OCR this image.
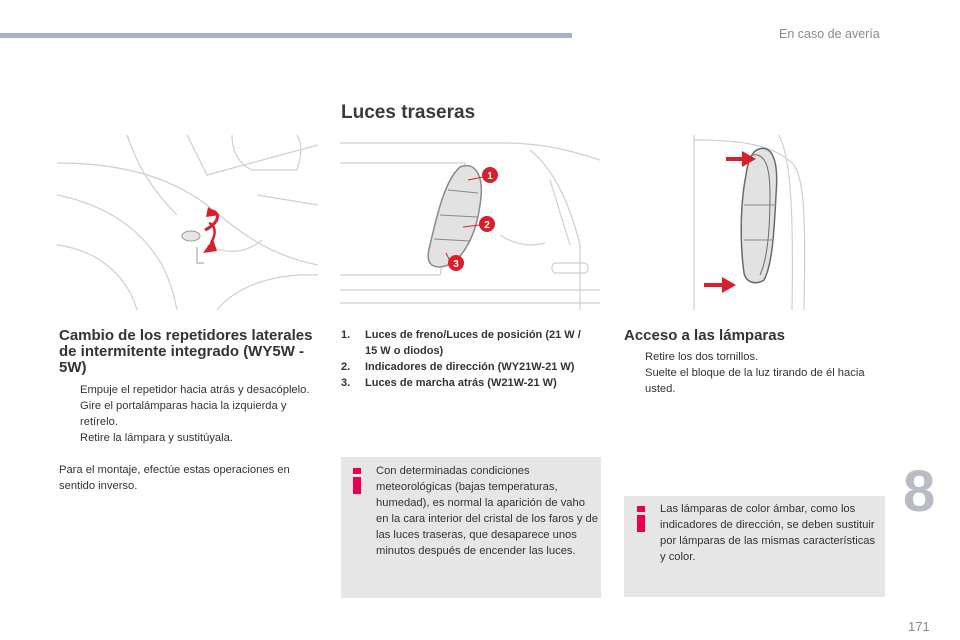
En caso de avería
Luces traseras
1
2
3
Cambio de los repetidores laterales de intermitente integrado (WY5W - 5W)
Empuje el repetidor hacia atrás y desacóplelo.
Gire el portalámparas hacia la izquierda y retírelo.
Retire la lámpara y sustitúyala.
Para el montaje, efectúe estas operaciones en sentido inverso.
1. Luces de freno/Luces de posición (21 W / 15 W o diodos)
2. Indicadores de dirección (WY21W-21 W)
3. Luces de marcha atrás (W21W-21 W)
Con determinadas condiciones meteorológicas (bajas temperaturas, humedad), es normal la aparición de vaho en la cara interior del cristal de los faros y de las luces traseras, que desaparece unos minutos después de encender las luces.
Acceso a las lámparas
Retire los dos tornillos.
Suelte el bloque de la luz tirando de él hacia usted.
Las lámparas de color ámbar, como los indicadores de dirección, se deben sustituir por lámparas de las mismas características y color.
8
171
